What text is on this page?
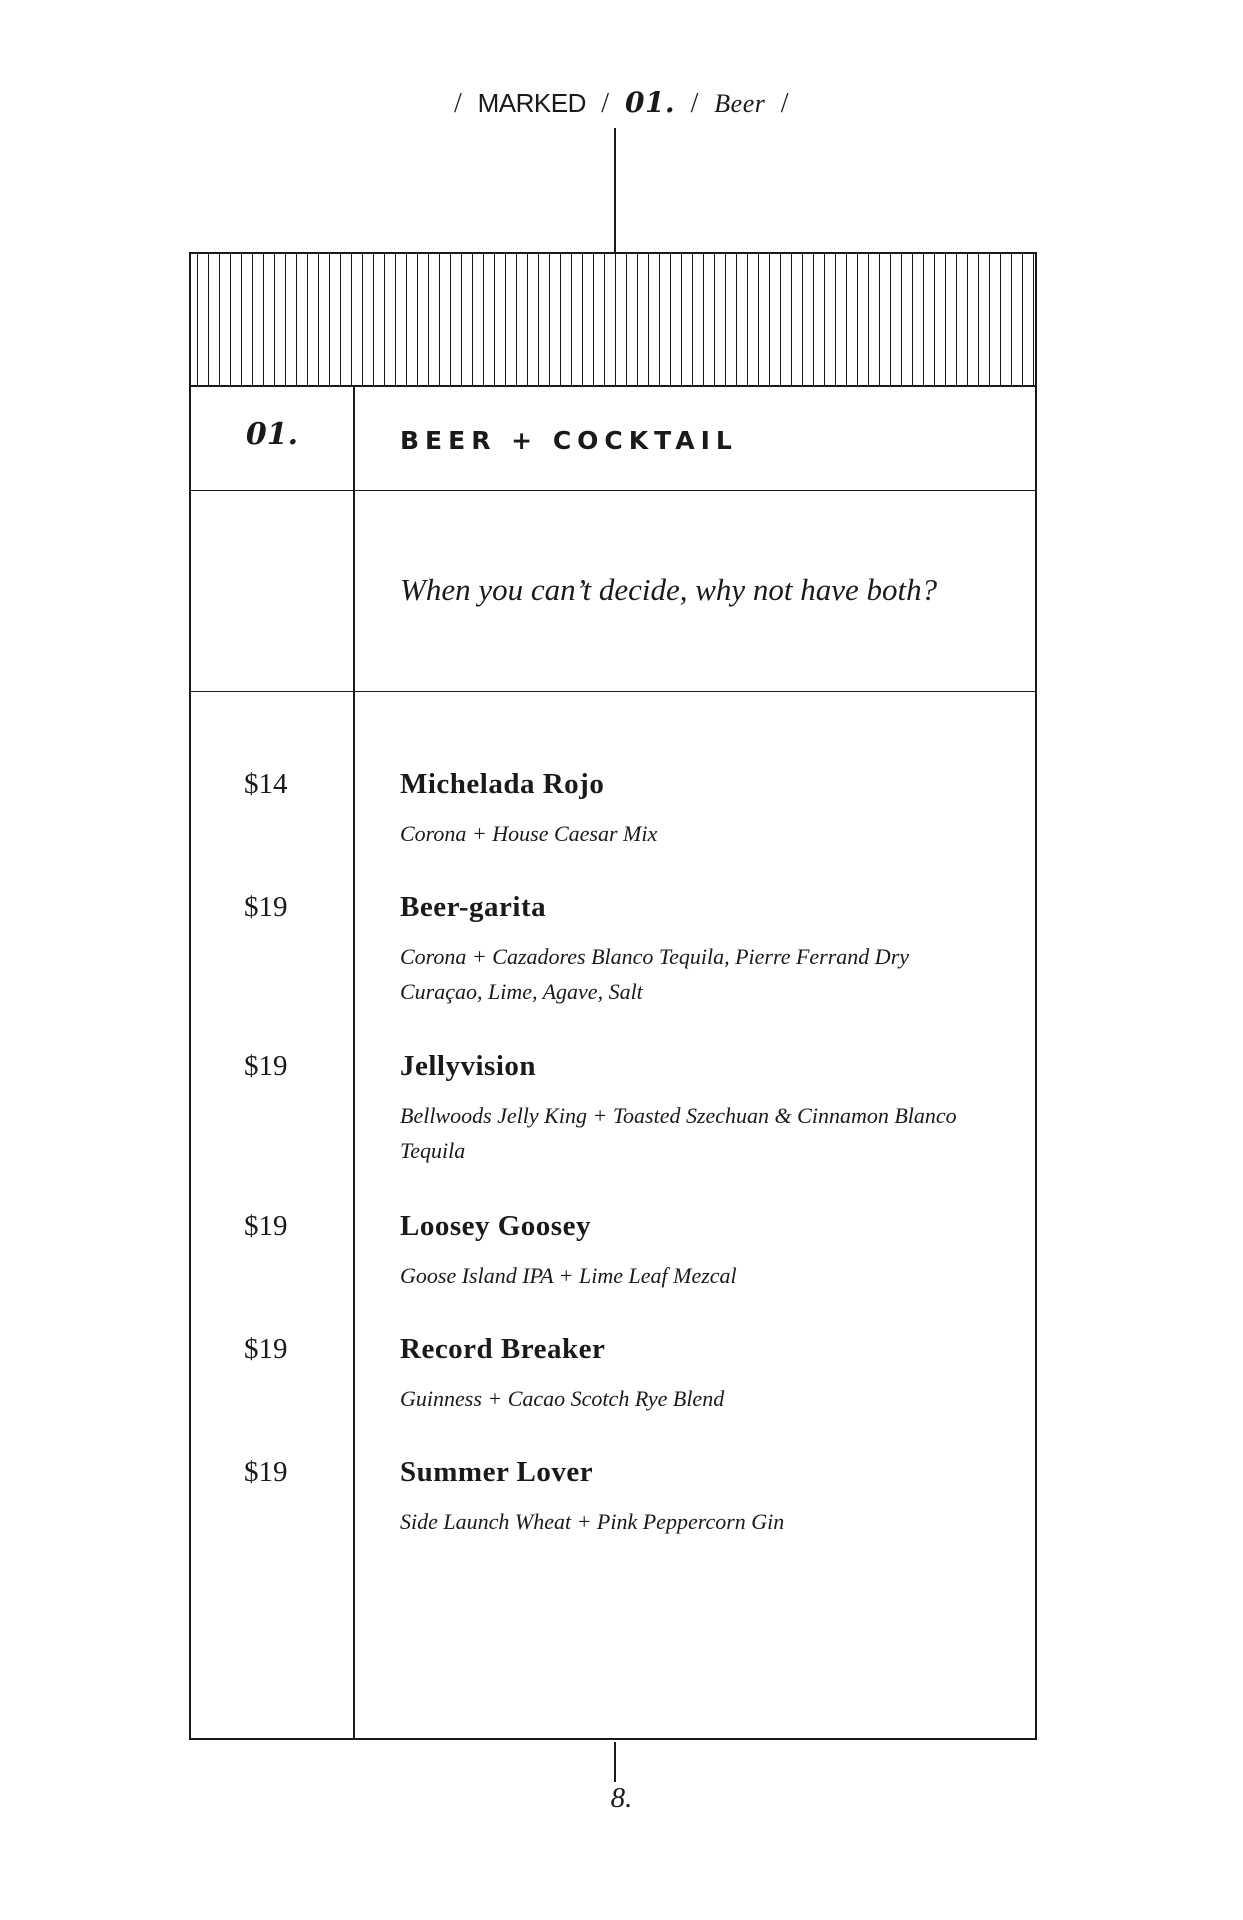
/ MARKED / 01. / Beer /
01.	BEER + COCKTAIL
When you can’t decide, why not have both?
$14	Michelada Rojo
Corona + House Caesar Mix
$19	Beer-garita
Corona + Cazadores Blanco Tequila, Pierre Ferrand Dry Curaçao, Lime, Agave, Salt
$19	Jellyvision
Bellwoods Jelly King + Toasted Szechuan & Cinnamon Blanco Tequila
$19	Loosey Goosey
Goose Island IPA + Lime Leaf Mezcal
$19	Record Breaker
Guinness + Cacao Scotch Rye Blend
$19	Summer Lover
Side Launch Wheat + Pink Peppercorn Gin
8.
